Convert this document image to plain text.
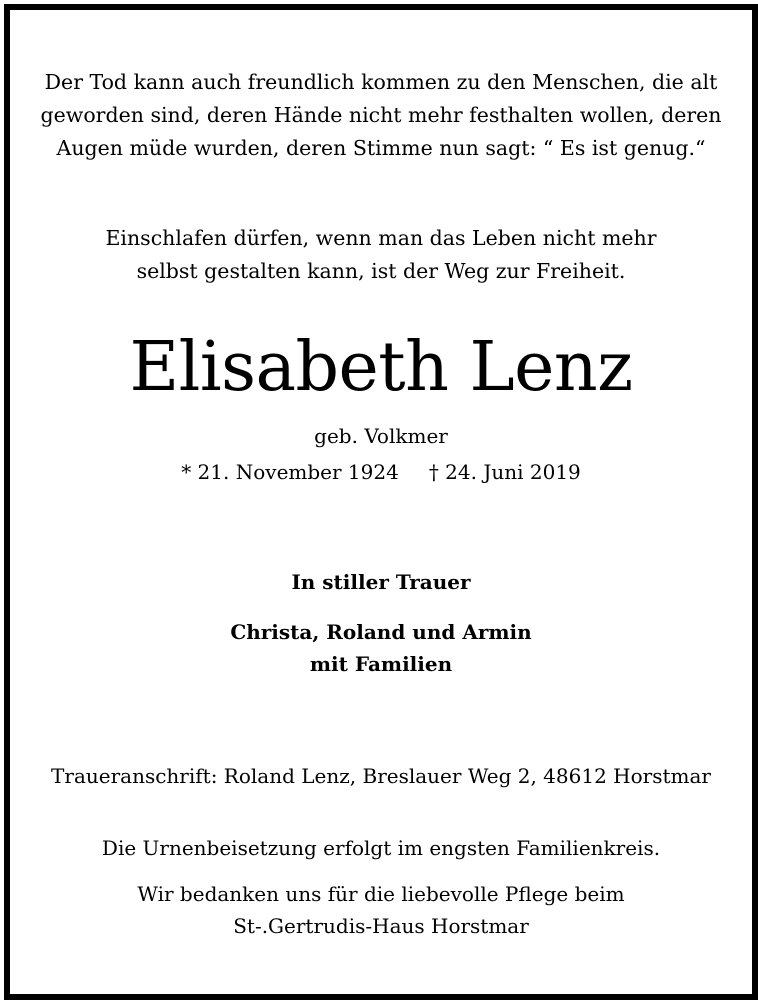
Der Tod kann auch freundlich kommen zu den Menschen, die alt
geworden sind, deren Hände nicht mehr festhalten wollen, deren
Augen müde wurden, deren Stimme nun sagt: “ Es ist genug.“
Einschlafen dürfen, wenn man das Leben nicht mehr
selbst gestalten kann, ist der Weg zur Freiheit.
Elisabeth Lenz
geb. Volkmer
* 21. November 1924 † 24. Juni 2019
In stiller Trauer
Christa, Roland und Armin
mit Familien
Traueranschrift: Roland Lenz, Breslauer Weg 2, 48612 Horstmar
Die Urnenbeisetzung erfolgt im engsten Familienkreis.
Wir bedanken uns für die liebevolle Pflege beim
St-.Gertrudis-Haus Horstmar
